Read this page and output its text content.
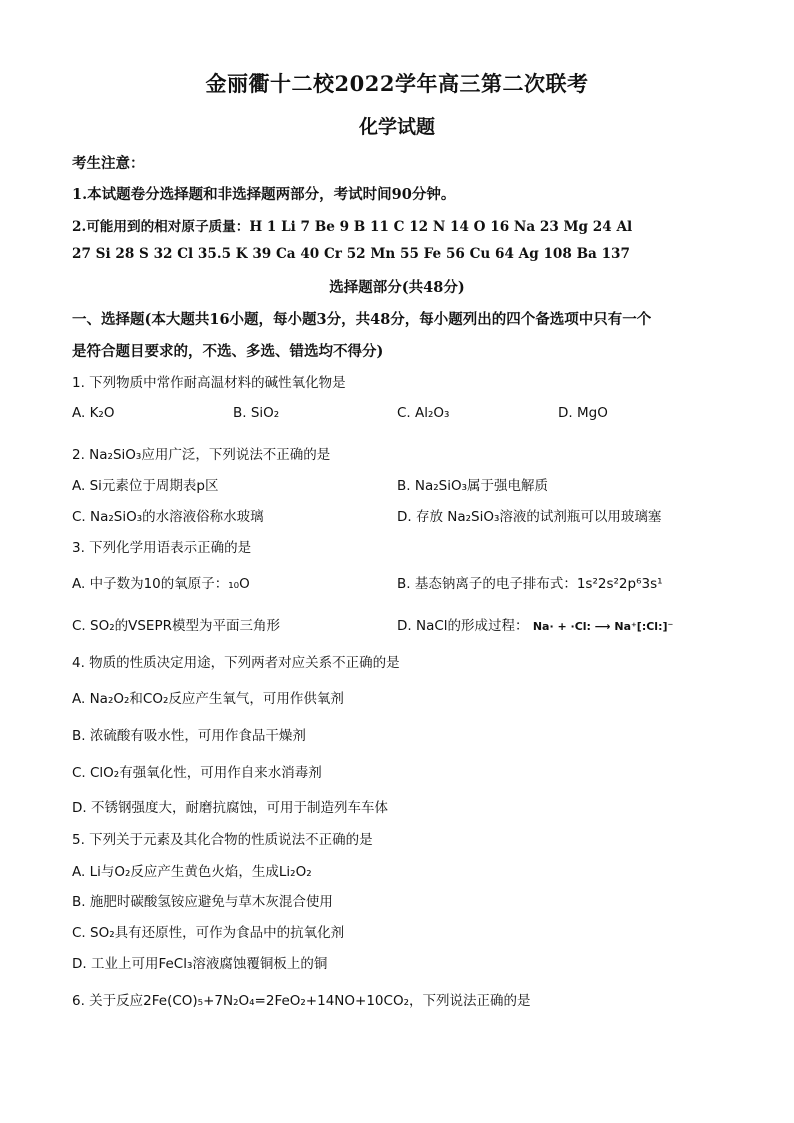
金丽衢十二校2022学年高三第二次联考
化学试题
考生注意：
1.本试题卷分选择题和非选择题两部分，考试时间90分钟。
2.可能用到的相对原子质量：H 1 Li 7 Be 9 B 11 C 12 N 14 O 16 Na 23 Mg 24 Al
27 Si 28 S 32 Cl 35.5 K 39 Ca 40 Cr 52 Mn 55 Fe 56 Cu 64 Ag 108 Ba 137
选择题部分(共48分)
一、选择题(本大题共16小题，每小题3分，共48分，每小题列出的四个备选项中只有一个
是符合题目要求的，不选、多选、错选均不得分)
1. 下列物质中常作耐高温材料的碱性氧化物是
A. K₂O	B. SiO₂	C. Al₂O₃	D. MgO
2. Na₂SiO₃应用广泛，下列说法不正确的是
A. Si元素位于周期表p区	B. Na₂SiO₃属于强电解质
C. Na₂SiO₃的水溶液俗称水玻璃	D. 存放 Na₂SiO₃溶液的试剂瓶可以用玻璃塞
3. 下列化学用语表示正确的是
A. 中子数为10的氧原子：₁₀O	B. 基态钠离子的电子排布式：1s²2s²2p⁶3s¹
C. SO₂的VSEPR模型为平面三角形	D. NaCl的形成过程： Na· + ·Cl: ⟶ Na⁺[:Cl:]⁻
4. 物质的性质决定用途，下列两者对应关系不正确的是
A. Na₂O₂和CO₂反应产生氧气，可用作供氧剂
B. 浓硫酸有吸水性，可用作食品干燥剂
C. ClO₂有强氧化性，可用作自来水消毒剂
D. 不锈钢强度大，耐磨抗腐蚀，可用于制造列车车体
5. 下列关于元素及其化合物的性质说法不正确的是
A. Li与O₂反应产生黄色火焰，生成Li₂O₂
B. 施肥时碳酸氢铵应避免与草木灰混合使用
C. SO₂具有还原性，可作为食品中的抗氧化剂
D. 工业上可用FeCl₃溶液腐蚀覆铜板上的铜
6. 关于反应2Fe(CO)₅+7N₂O₄=2FeO₂+14NO+10CO₂，下列说法正确的是
